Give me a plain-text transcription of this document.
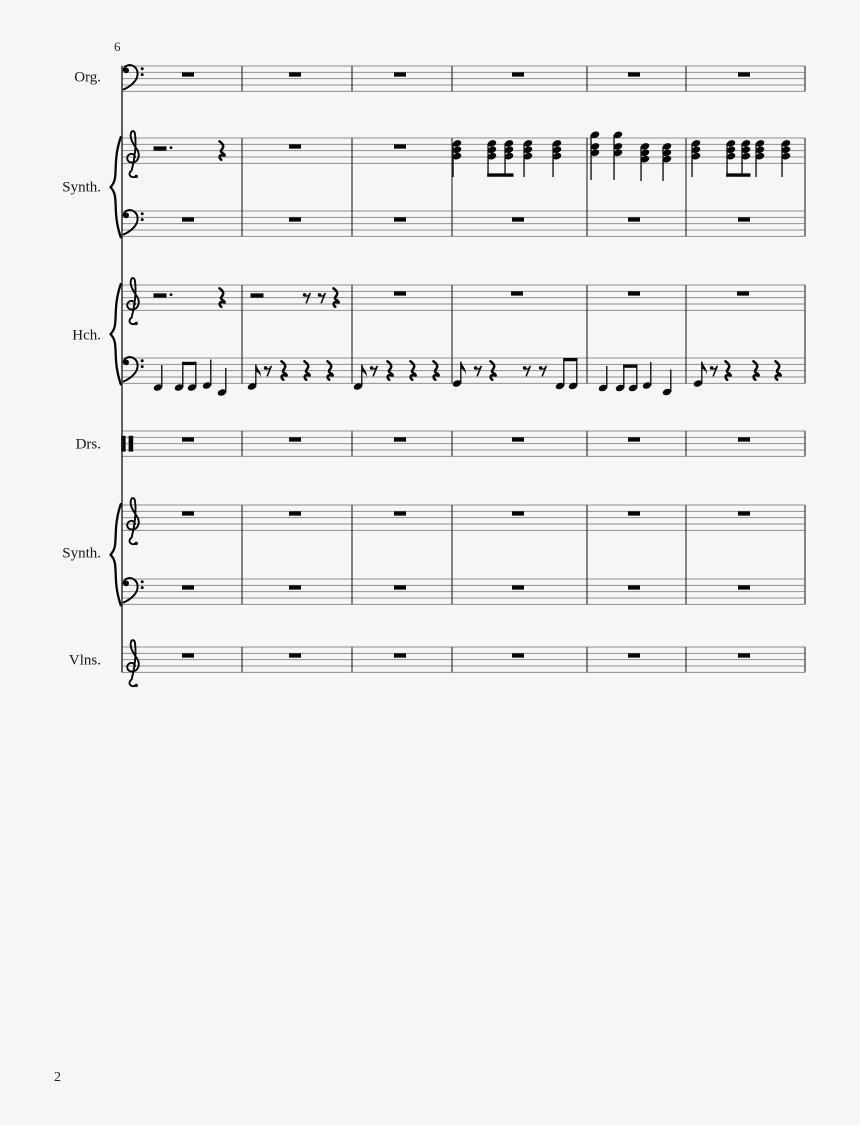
Org.
Synth.
Hch.
Drs.
Synth.
Vlns.
6
2
